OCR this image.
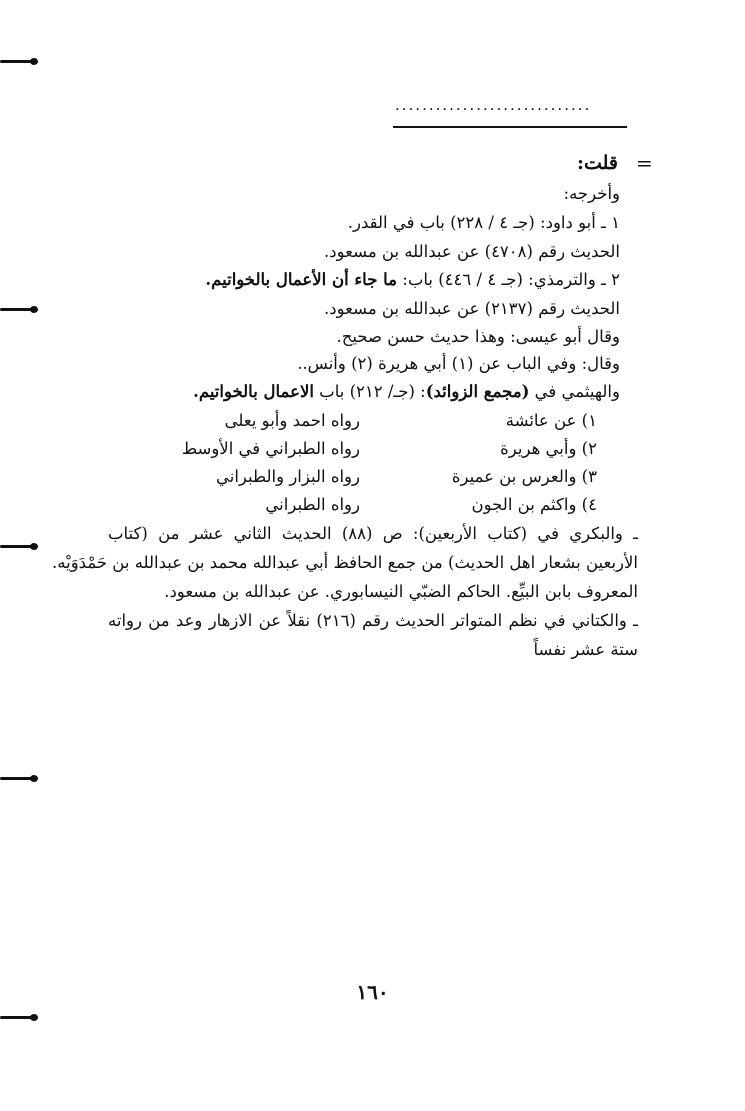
.............................
=
قلت:
وأخرجه:
١ ـ أبو داود: (جـ ٤ / ٢٢٨) باب في القدر.
الحديث رقم (٤٧٠٨) عن عبدالله بن مسعود.
٢ ـ والترمذي: (جـ ٤ / ٤٤٦) باب: ما جاء أن الأعمال بالخواتيم.
الحديث رقم (٢١٣٧) عن عبدالله بن مسعود.
وقال أبو عيسى: وهذا حديث حسن صحيح.
وقال: وفي الباب عن (١) أبي هريرة (٢) وأنس..
والهيثمي في (مجمع الزوائد): (جـ/ ٢١٢) باب الاعمال بالخواتيم.
١) عن عائشة
رواه احمد وأبو يعلى
٢) وأبي هريرة
رواه الطبراني في الأوسط
٣) والعرس بن عميرة
رواه البزار والطبراني
٤) واكثم بن الجون
رواه الطبراني
ـ والبكري في (كتاب الأربعين): ص (٨٨) الحديث الثاني عشر من (كتاب
الأربعين بشعار اهل الحديث) من جمع الحافظ أبي عبدالله محمد بن عبدالله بن حَمْدَوَيْه.
المعروف بابن البيِّع. الحاكم الضبّي النيسابوري. عن عبدالله بن مسعود.
ـ والكتاني في نظم المتواتر الحديث رقم (٢١٦) نقلاً عن الازهار وعد من رواته
ستة عشر نفساً
١٦٠
